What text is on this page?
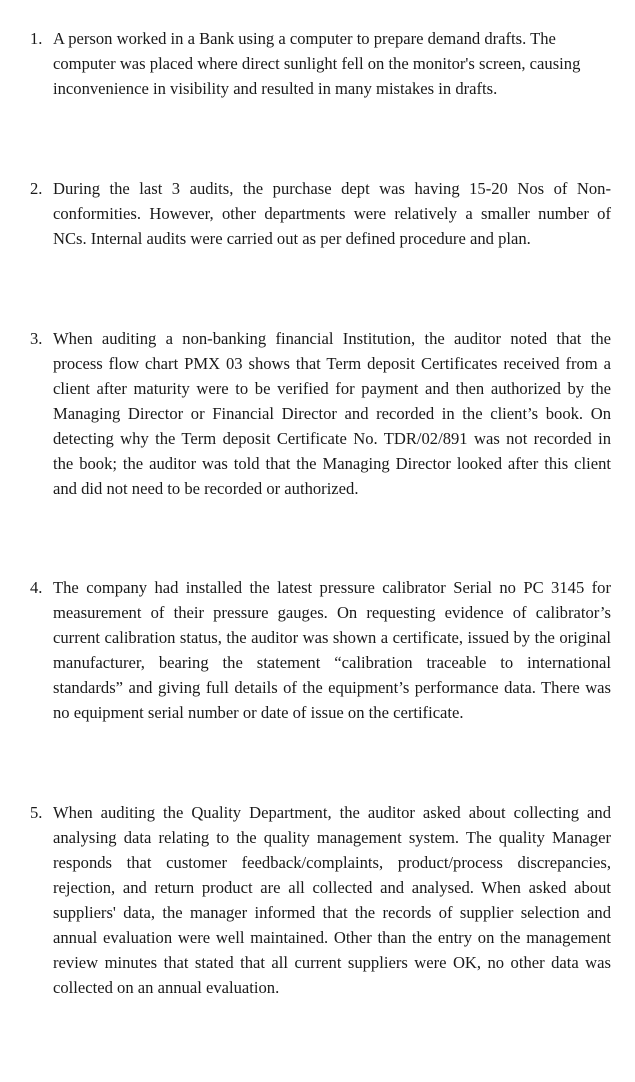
1. A person worked in a Bank using a computer to prepare demand drafts. The computer was placed where direct sunlight fell on the monitor's screen, causing inconvenience in visibility and resulted in many mistakes in drafts.
2. During the last 3 audits, the purchase dept was having 15-20 Nos of Non-conformities. However, other departments were relatively a smaller number of NCs. Internal audits were carried out as per defined procedure and plan.
3. When auditing a non-banking financial Institution, the auditor noted that the process flow chart PMX 03 shows that Term deposit Certificates received from a client after maturity were to be verified for payment and then authorized by the Managing Director or Financial Director and recorded in the client’s book. On detecting why the Term deposit Certificate No. TDR/02/891 was not recorded in the book; the auditor was told that the Managing Director looked after this client and did not need to be recorded or authorized.
4. The company had installed the latest pressure calibrator Serial no PC 3145 for measurement of their pressure gauges. On requesting evidence of calibrator’s current calibration status, the auditor was shown a certificate, issued by the original manufacturer, bearing the statement “calibration traceable to international standards” and giving full details of the equipment’s performance data. There was no equipment serial number or date of issue on the certificate.
5. When auditing the Quality Department, the auditor asked about collecting and analysing data relating to the quality management system. The quality Manager responds that customer feedback/complaints, product/process discrepancies, rejection, and return product are all collected and analysed. When asked about suppliers' data, the manager informed that the records of supplier selection and annual evaluation were well maintained. Other than the entry on the management review minutes that stated that all current suppliers were OK, no other data was collected on an annual evaluation.
